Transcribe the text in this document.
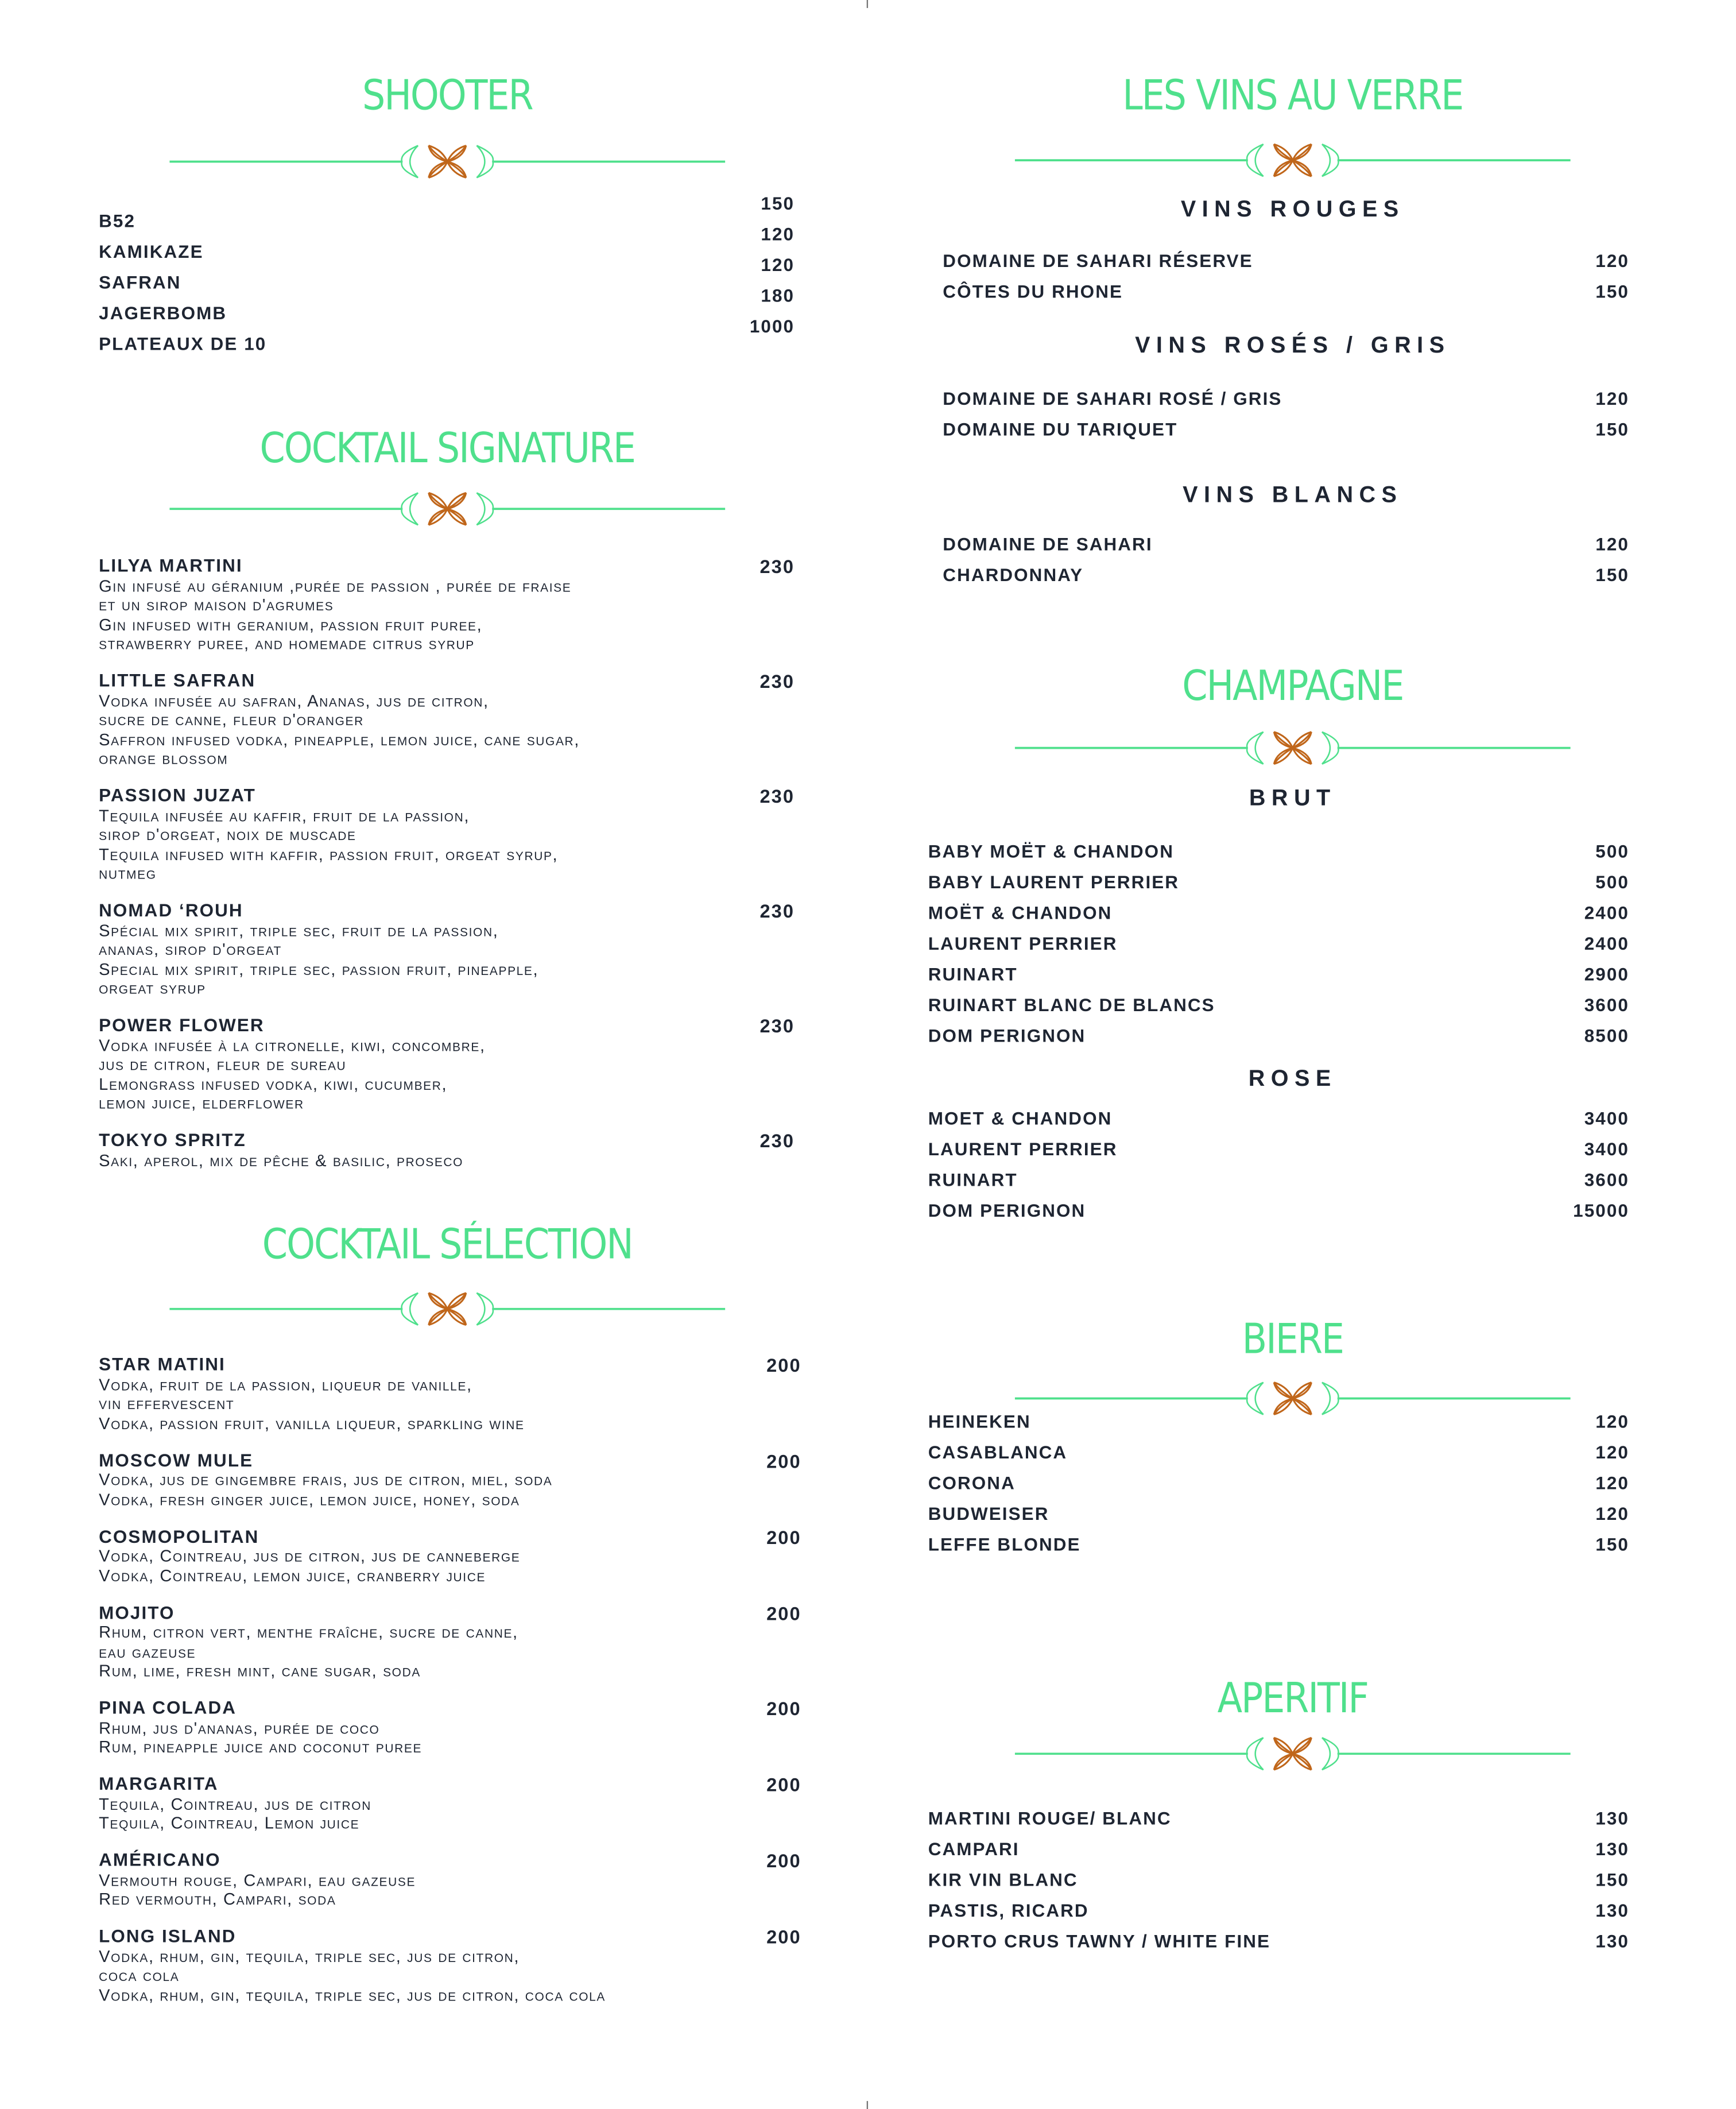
SHOOTER
B52
150
KAMIKAZE
120
SAFRAN
120
JAGERBOMB
180
PLATEAUX DE 10
1000
COCKTAIL SIGNATURE
LILYA MARTINI	230
Gin infusé au géranium ,purée de passion , purée de fraise
et un sirop maison d'agrumes
Gin infused with geranium, passion fruit puree,
strawberry puree, and homemade citrus syrup
LITTLE SAFRAN	230
Vodka infusée au safran, Ananas, jus de citron,
sucre de canne, fleur d'oranger
Saffron infused vodka, pineapple, lemon juice, cane sugar,
orange blossom
PASSION JUZAT	230
Tequila infusée au kaffir, fruit de la passion,
sirop d'orgeat, noix de muscade
Tequila infused with kaffir, passion fruit, orgeat syrup,
nutmeg
NOMAD ‘ROUH	230
Spécial mix spirit, triple sec, fruit de la passion,
ananas, sirop d'orgeat
Special mix spirit, triple sec, passion fruit, pineapple,
orgeat syrup
POWER FLOWER	230
Vodka infusée à la citronelle, kiwi, concombre,
jus de citron, fleur de sureau
Lemongrass infused vodka, kiwi, cucumber,
lemon juice, elderflower
TOKYO SPRITZ	230
Saki, aperol, mix de pêche & basilic, proseco
COCKTAIL SÉLECTION
STAR MATINI	200
Vodka, fruit de la passion, liqueur de vanille,
vin effervescent
Vodka, passion fruit, vanilla liqueur, sparkling wine
MOSCOW MULE	200
Vodka, jus de gingembre frais, jus de citron, miel, soda
Vodka, fresh ginger juice, lemon juice, honey, soda
COSMOPOLITAN	200
Vodka, Cointreau, jus de citron, jus de canneberge
Vodka, Cointreau, lemon juice, cranberry juice
MOJITO	200
Rhum, citron vert, menthe fraîche, sucre de canne,
eau gazeuse
Rum, lime, fresh mint, cane sugar, soda
PINA COLADA	200
Rhum, jus d'ananas, purée de coco
Rum, pineapple juice and coconut puree
MARGARITA	200
Tequila, Cointreau, jus de citron
Tequila, Cointreau, Lemon juice
AMÉRICANO	200
Vermouth rouge, Campari, eau gazeuse
Red vermouth, Campari, soda
LONG ISLAND	200
Vodka, rhum, gin, tequila, triple sec, jus de citron,
coca cola
Vodka, rhum, gin, tequila, triple sec, jus de citron, coca cola
LES VINS AU VERRE
VINS ROUGES
DOMAINE DE SAHARI RÉSERVE	120
CÔTES DU RHONE	150
VINS ROSÉS / GRIS
DOMAINE DE SAHARI ROSÉ / GRIS	120
DOMAINE DU TARIQUET	150
VINS BLANCS
DOMAINE DE SAHARI	120
CHARDONNAY	150
CHAMPAGNE
BRUT
BABY MOËT & CHANDON	500
BABY LAURENT PERRIER	500
MOËT & CHANDON	2400
LAURENT PERRIER	2400
RUINART	2900
RUINART BLANC DE BLANCS	3600
DOM PERIGNON	8500
ROSE
MOET & CHANDON	3400
LAURENT PERRIER	3400
RUINART	3600
DOM PERIGNON	15000
BIERE
HEINEKEN	120
CASABLANCA	120
CORONA	120
BUDWEISER	120
LEFFE BLONDE	150
APERITIF
MARTINI ROUGE/ BLANC	130
CAMPARI	130
KIR VIN BLANC	150
PASTIS, RICARD	130
PORTO CRUS TAWNY / WHITE FINE	130
